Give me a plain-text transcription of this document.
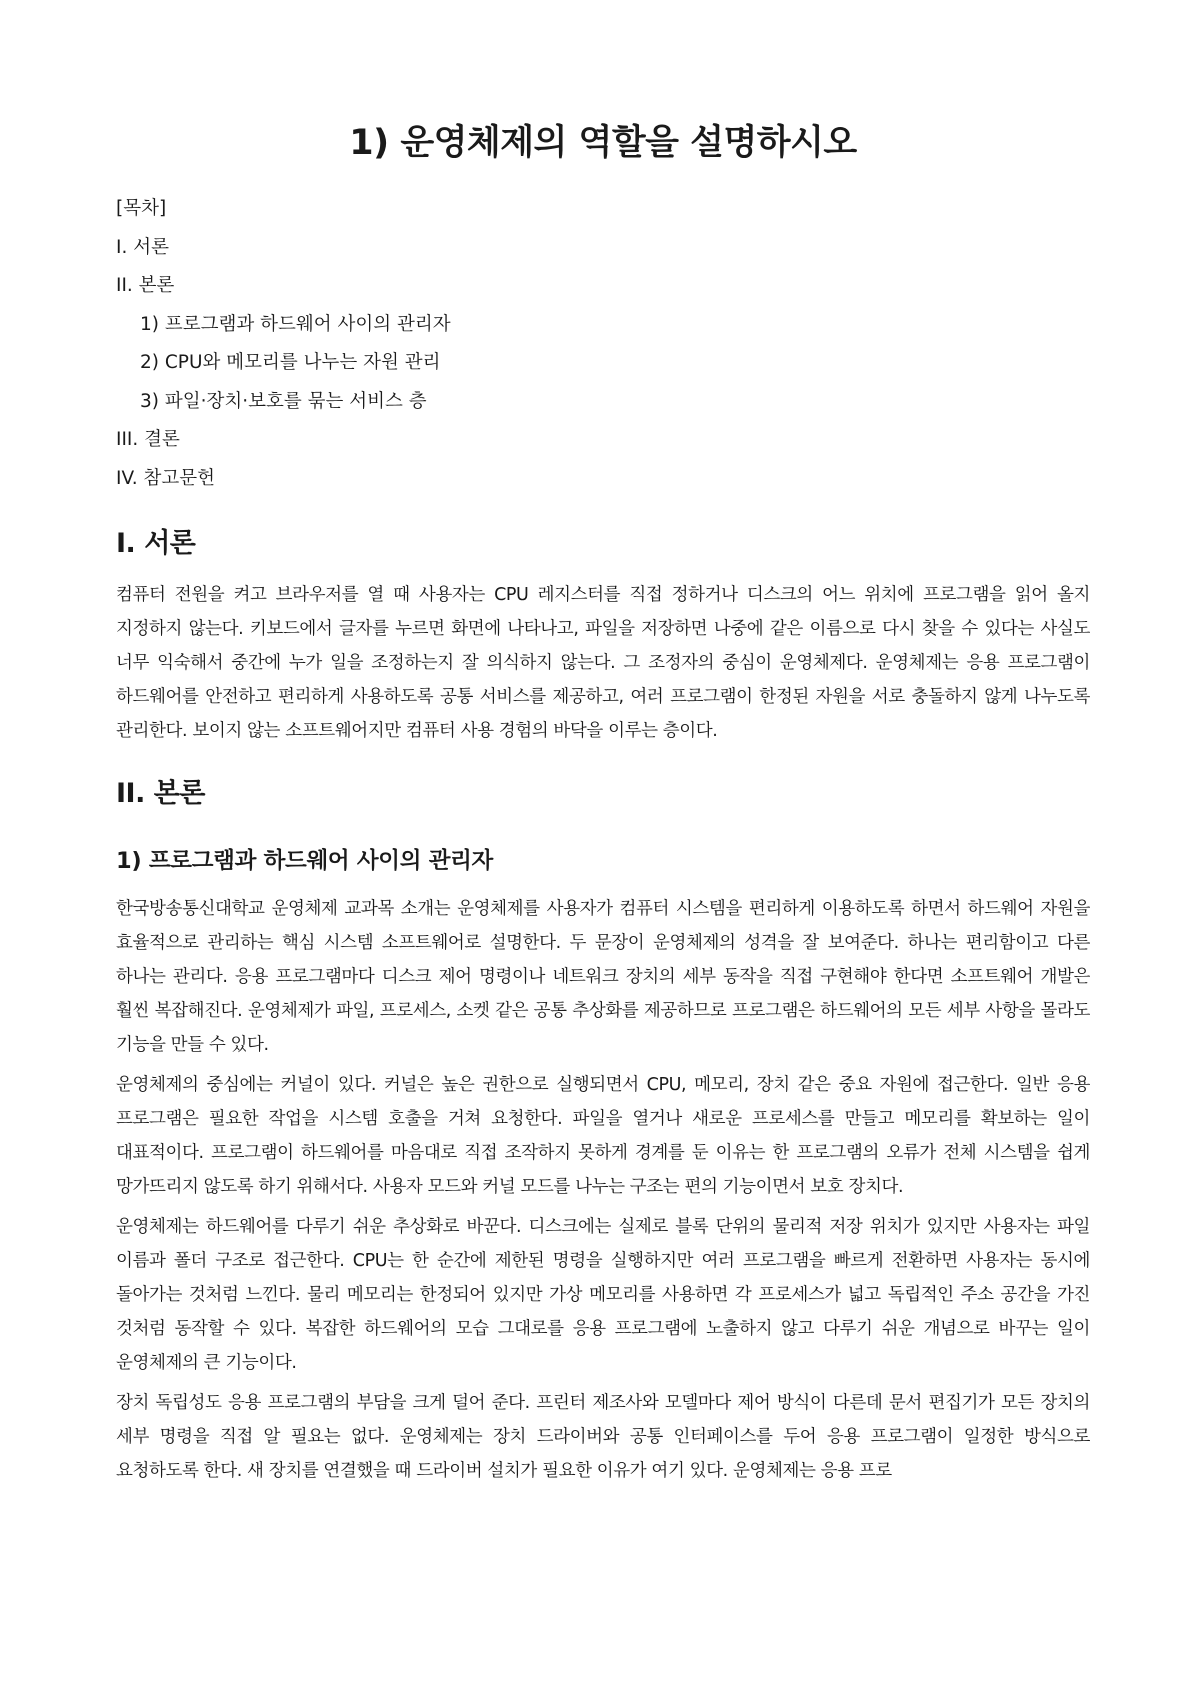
1) 운영체제의 역할을 설명하시오
[목차]
I. 서론
II. 본론
1) 프로그램과 하드웨어 사이의 관리자
2) CPU와 메모리를 나누는 자원 관리
3) 파일·장치·보호를 묶는 서비스 층
III. 결론
IV. 참고문헌
I. 서론

컴퓨터 전원을 켜고 브라우저를 열 때 사용자는 CPU 레지스터를 직접 정하거나 디스크의 어느 위치에 프로그램을 읽어 올지 지정하지 않는다. 키보드에서 글자를 누르면 화면에 나타나고, 파일을 저장하면 나중에 같은 이름으로 다시 찾을 수 있다는 사실도 너무 익숙해서 중간에 누가 일을 조정하는지 잘 의식하지 않는다. 그 조정자의 중심이 운영체제다. 운영체제는 응용 프로그램이 하드웨어를 안전하고 편리하게 사용하도록 공통 서비스를 제공하고, 여러 프로그램이 한정된 자원을 서로 충돌하지 않게 나누도록 관리한다. 보이지 않는 소프트웨어지만 컴퓨터 사용 경험의 바닥을 이루는 층이다.

II. 본론
1) 프로그램과 하드웨어 사이의 관리자

한국방송통신대학교 운영체제 교과목 소개는 운영체제를 사용자가 컴퓨터 시스템을 편리하게 이용하도록 하면서 하드웨어 자원을 효율적으로 관리하는 핵심 시스템 소프트웨어로 설명한다. 두 문장이 운영체제의 성격을 잘 보여준다. 하나는 편리함이고 다른 하나는 관리다. 응용 프로그램마다 디스크 제어 명령이나 네트워크 장치의 세부 동작을 직접 구현해야 한다면 소프트웨어 개발은 훨씬 복잡해진다. 운영체제가 파일, 프로세스, 소켓 같은 공통 추상화를 제공하므로 프로그램은 하드웨어의 모든 세부 사항을 몰라도 기능을 만들 수 있다.

운영체제의 중심에는 커널이 있다. 커널은 높은 권한으로 실행되면서 CPU, 메모리, 장치 같은 중요 자원에 접근한다. 일반 응용 프로그램은 필요한 작업을 시스템 호출을 거쳐 요청한다. 파일을 열거나 새로운 프로세스를 만들고 메모리를 확보하는 일이 대표적이다. 프로그램이 하드웨어를 마음대로 직접 조작하지 못하게 경계를 둔 이유는 한 프로그램의 오류가 전체 시스템을 쉽게 망가뜨리지 않도록 하기 위해서다. 사용자 모드와 커널 모드를 나누는 구조는 편의 기능이면서 보호 장치다.

운영체제는 하드웨어를 다루기 쉬운 추상화로 바꾼다. 디스크에는 실제로 블록 단위의 물리적 저장 위치가 있지만 사용자는 파일 이름과 폴더 구조로 접근한다. CPU는 한 순간에 제한된 명령을 실행하지만 여러 프로그램을 빠르게 전환하면 사용자는 동시에 돌아가는 것처럼 느낀다. 물리 메모리는 한정되어 있지만 가상 메모리를 사용하면 각 프로세스가 넓고 독립적인 주소 공간을 가진 것처럼 동작할 수 있다. 복잡한 하드웨어의 모습 그대로를 응용 프로그램에 노출하지 않고 다루기 쉬운 개념으로 바꾸는 일이 운영체제의 큰 기능이다.

장치 독립성도 응용 프로그램의 부담을 크게 덜어 준다. 프린터 제조사와 모델마다 제어 방식이 다른데 문서 편집기가 모든 장치의 세부 명령을 직접 알 필요는 없다. 운영체제는 장치 드라이버와 공통 인터페이스를 두어 응용 프로그램이 일정한 방식으로 요청하도록 한다. 새 장치를 연결했을 때 드라이버 설치가 필요한 이유가 여기 있다. 운영체제는 응용 프로
